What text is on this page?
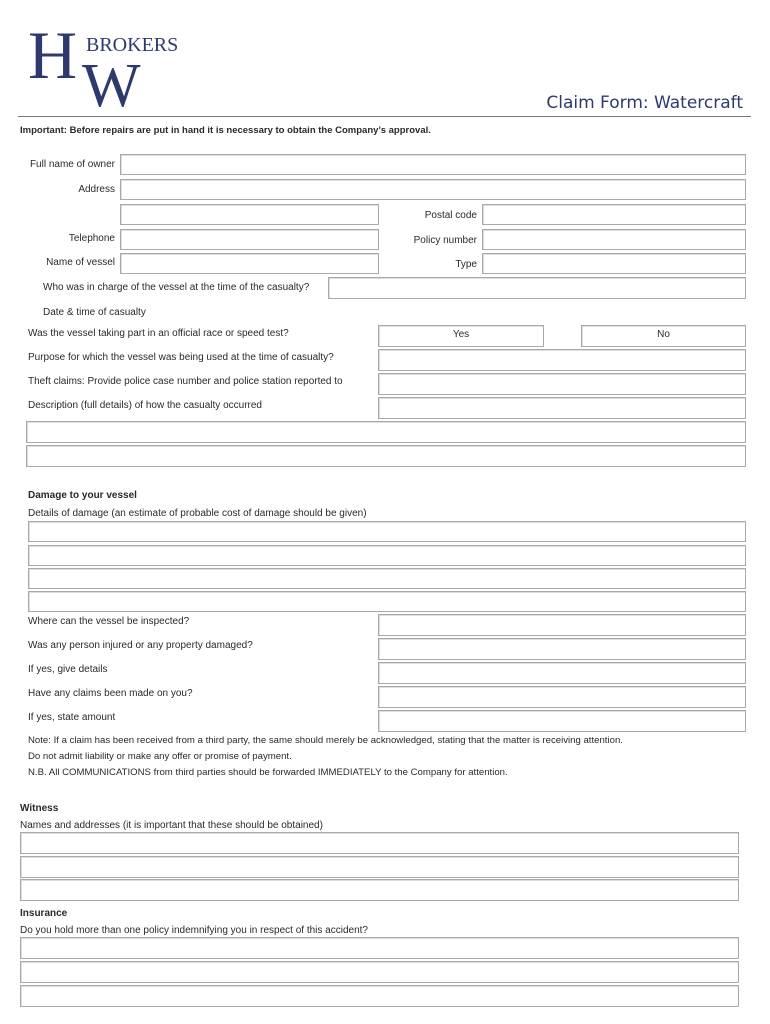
H BROKERS
W	Claim Form: Watercraft
Important: Before repairs are put in hand it is necessary to obtain the Company’s approval.
Full name of owner
Address
Postal code
Telephone	Policy number
Name of vessel	Type
Who was in charge of the vessel at the time of the casualty?
Date & time of casualty
Was the vessel taking part in an official race or speed test?	Yes	No
Purpose for which the vessel was being used at the time of casualty?
Theft claims: Provide police case number and police station reported to
Description (full details) of how the casualty occurred
Damage to your vessel
Details of damage (an estimate of probable cost of damage should be given)
Where can the vessel be inspected?
Was any person injured or any property damaged?
If yes, give details
Have any claims been made on you?
If yes, state amount
Note: If a claim has been received from a third party, the same should merely be acknowledged, stating that the matter is receiving attention.
Do not admit liability or make any offer or promise of payment.
N.B. All COMMUNICATIONS from third parties should be forwarded IMMEDIATELY to the Company for attention.
Witness
Names and addresses (it is important that these should be obtained)
Insurance
Do you hold more than one policy indemnifying you in respect of this accident?
